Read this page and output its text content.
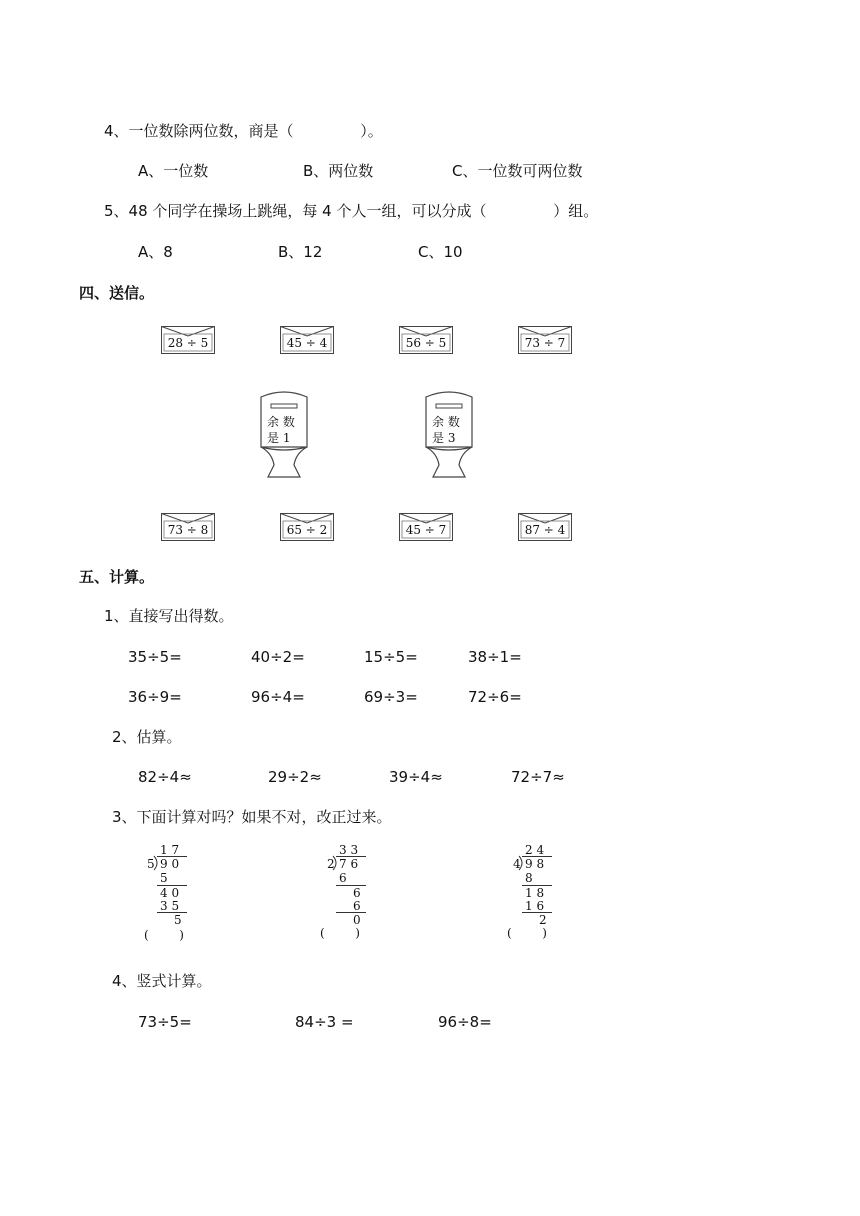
4、一位数除两位数，商是（              ）。
A、一位数	B、两位数	C、一位数可两位数
5、48 个同学在操场上跳绳，每 4 个人一组，可以分成（              ）组。
A、8	B、12	C、10
四、送信。
28 ÷ 5	45 ÷ 4	56 ÷ 5	73 ÷ 7
余 数
是 1
余 数
是 3
73 ÷ 8	65 ÷ 2	45 ÷ 7	87 ÷ 4
五、计算。
1、直接写出得数。
35÷5=	40÷2=	15÷5=	38÷1=
36÷9=	96÷4=	69÷3=	72÷6=
2、估算。
82÷4≈	29÷2≈	39÷4≈	72÷7≈
3、下面计算对吗？如果不对，改正过来。
1 7
5 9 0
5
4 0
3 5
5
(        )
3 3
2 7 6
6
6
6
0
(        )
2 4
4 9 8
8
1 8
1 6
2
(        )
4、竖式计算。
73÷5=	84÷3 =	96÷8=
